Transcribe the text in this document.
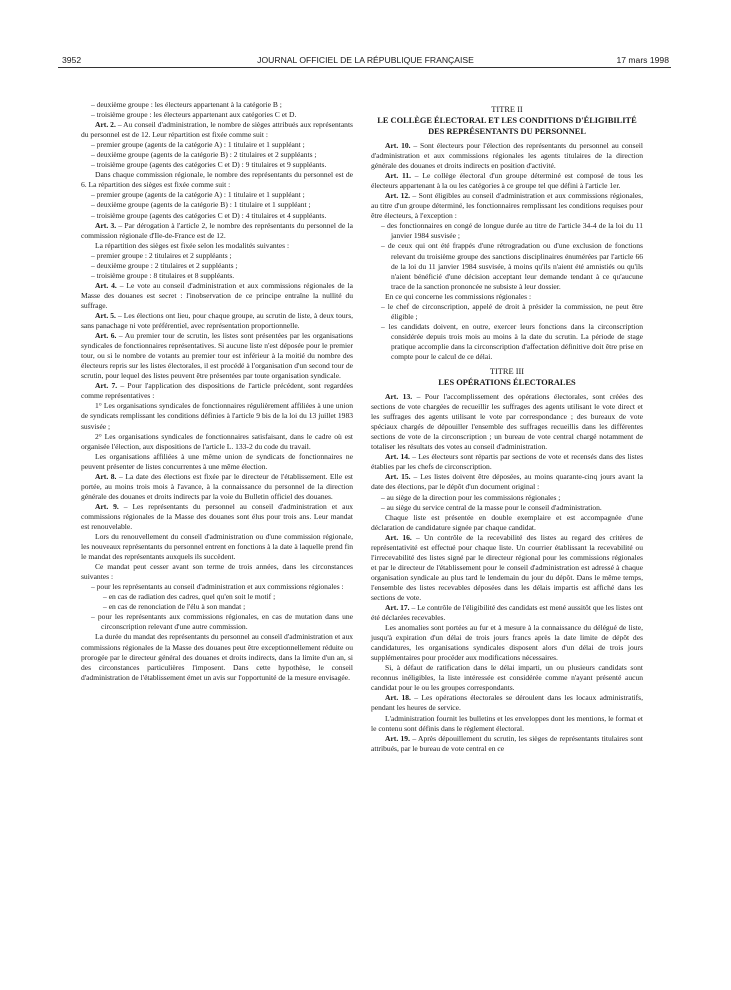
3952	JOURNAL OFFICIEL DE LA RÉPUBLIQUE FRANÇAISE	17 mars 1998

– deuxième groupe : les électeurs appartenant à la catégorie B ;

– troisième groupe : les électeurs appartenant aux catégories C et D.

Art. 2. – Au conseil d'administration, le nombre de sièges attribués aux représentants du personnel est de 12. Leur répartition est fixée comme suit :

– premier groupe (agents de la catégorie A) : 1 titulaire et 1 suppléant ;

– deuxième groupe (agents de la catégorie B) : 2 titulaires et 2 suppléants ;

– troisième groupe (agents des catégories C et D) : 9 titulaires et 9 suppléants.

Dans chaque commission régionale, le nombre des représentants du personnel est de 6. La répartition des sièges est fixée comme suit :

– premier groupe (agents de la catégorie A) : 1 titulaire et 1 suppléant ;

– deuxième groupe (agents de la catégorie B) : 1 titulaire et 1 suppléant ;

– troisième groupe (agents des catégories C et D) : 4 titulaires et 4 suppléants.

Art. 3. – Par dérogation à l'article 2, le nombre des représentants du personnel de la commission régionale d'Ile-de-France est de 12.

La répartition des sièges est fixée selon les modalités suivantes :

– premier groupe : 2 titulaires et 2 suppléants ;

– deuxième groupe : 2 titulaires et 2 suppléants ;

– troisième groupe : 8 titulaires et 8 suppléants.

Art. 4. – Le vote au conseil d'administration et aux commissions régionales de la Masse des douanes est secret : l'inobservation de ce principe entraîne la nullité du suffrage.

Art. 5. – Les élections ont lieu, pour chaque groupe, au scrutin de liste, à deux tours, sans panachage ni vote préférentiel, avec représentation proportionnelle.

Art. 6. – Au premier tour de scrutin, les listes sont présentées par les organisations syndicales de fonctionnaires représentatives. Si aucune liste n'est déposée pour le premier tour, ou si le nombre de votants au premier tour est inférieur à la moitié du nombre des électeurs repris sur les listes électorales, il est procédé à l'organisation d'un second tour de scrutin, pour lequel des listes peuvent être présentées par toute organisation syndicale.

Art. 7. – Pour l'application des dispositions de l'article précédent, sont regardées comme représentatives :

1° Les organisations syndicales de fonctionnaires régulièrement affiliées à une union de syndicats remplissant les conditions définies à l'article 9 bis de la loi du 13 juillet 1983 susvisée ;

2° Les organisations syndicales de fonctionnaires satisfaisant, dans le cadre où est organisée l'élection, aux dispositions de l'article L. 133-2 du code du travail.

Les organisations affiliées à une même union de syndicats de fonctionnaires ne peuvent présenter de listes concurrentes à une même élection.

Art. 8. – La date des élections est fixée par le directeur de l'établissement. Elle est portée, au moins trois mois à l'avance, à la connaissance du personnel de la direction générale des douanes et droits indirects par la voie du Bulletin officiel des douanes.

Art. 9. – Les représentants du personnel au conseil d'administration et aux commissions régionales de la Masse des douanes sont élus pour trois ans. Leur mandat est renouvelable.

Lors du renouvellement du conseil d'administration ou d'une commission régionale, les nouveaux représentants du personnel entrent en fonctions à la date à laquelle prend fin le mandat des représentants auxquels ils succèdent.

Ce mandat peut cesser avant son terme de trois années, dans les circonstances suivantes :

– pour les représentants au conseil d'administration et aux commissions régionales :

– en cas de radiation des cadres, quel qu'en soit le motif ;

– en cas de renonciation de l'élu à son mandat ;

– pour les représentants aux commissions régionales, en cas de mutation dans une circonscription relevant d'une autre commission.

La durée du mandat des représentants du personnel au conseil d'administration et aux commissions régionales de la Masse des douanes peut être exceptionnellement réduite ou prorogée par le directeur général des douanes et droits indirects, dans la limite d'un an, si des circonstances particulières l'imposent. Dans cette hypothèse, le conseil d'administration de l'établissement émet un avis sur l'opportunité de la mesure envisagée.

TITRE II

LE COLLÈGE ÉLECTORAL ET LES CONDITIONS D'ÉLIGIBILITÉ DES REPRÉSENTANTS DU PERSONNEL

Art. 10. – Sont électeurs pour l'élection des représentants du personnel au conseil d'administration et aux commissions régionales les agents titulaires de la direction générale des douanes et droits indirects en position d'activité.

Art. 11. – Le collège électoral d'un groupe déterminé est composé de tous les électeurs appartenant à la ou les catégories à ce groupe tel que défini à l'article 1er.

Art. 12. – Sont éligibles au conseil d'administration et aux commissions régionales, au titre d'un groupe déterminé, les fonctionnaires remplissant les conditions requises pour être électeurs, à l'exception :

– des fonctionnaires en congé de longue durée au titre de l'article 34-4 de la loi du 11 janvier 1984 susvisée ;

– de ceux qui ont été frappés d'une rétrogradation ou d'une exclusion de fonctions relevant du troisième groupe des sanctions disciplinaires énumérées par l'article 66 de la loi du 11 janvier 1984 susvisée, à moins qu'ils n'aient été amnistiés ou qu'ils n'aient bénéficié d'une décision acceptant leur demande tendant à ce qu'aucune trace de la sanction prononcée ne subsiste à leur dossier.

En ce qui concerne les commissions régionales :

– le chef de circonscription, appelé de droit à présider la commission, ne peut être éligible ;

– les candidats doivent, en outre, exercer leurs fonctions dans la circonscription considérée depuis trois mois au moins à la date du scrutin. La période de stage pratique accomplie dans la circonscription d'affectation définitive doit être prise en compte pour le calcul de ce délai.

TITRE III

LES OPÉRATIONS ÉLECTORALES

Art. 13. – Pour l'accomplissement des opérations électorales, sont créées des sections de vote chargées de recueillir les suffrages des agents utilisant le vote direct et les suffrages des agents utilisant le vote par correspondance ; des bureaux de vote spéciaux chargés de dépouiller l'ensemble des suffrages recueillis dans les différentes sections de vote de la circonscription ; un bureau de vote central chargé notamment de totaliser les résultats des votes au conseil d'administration.

Art. 14. – Les électeurs sont répartis par sections de vote et recensés dans des listes établies par les chefs de circonscription.

Art. 15. – Les listes doivent être déposées, au moins quarante-cinq jours avant la date des élections, par le dépôt d'un document original :

– au siège de la direction pour les commissions régionales ;

– au siège du service central de la masse pour le conseil d'administration.

Chaque liste est présentée en double exemplaire et est accompagnée d'une déclaration de candidature signée par chaque candidat.

Art. 16. – Un contrôle de la recevabilité des listes au regard des critères de représentativité est effectué pour chaque liste. Un courrier établissant la recevabilité ou l'irrecevabilité des listes signé par le directeur régional pour les commissions régionales et par le directeur de l'établissement pour le conseil d'administration est adressé à chaque organisation syndicale au plus tard le lendemain du jour du dépôt. Dans le même temps, l'ensemble des listes recevables déposées dans les délais impartis est affiché dans les sections de vote.

Art. 17. – Le contrôle de l'éligibilité des candidats est mené aussitôt que les listes ont été déclarées recevables.

Les anomalies sont portées au fur et à mesure à la connaissance du délégué de liste, jusqu'à expiration d'un délai de trois jours francs après la date limite de dépôt des candidatures, les organisations syndicales disposent alors d'un délai de trois jours supplémentaires pour procéder aux modifications nécessaires.

Si, à défaut de ratification dans le délai imparti, un ou plusieurs candidats sont reconnus inéligibles, la liste intéressée est considérée comme n'ayant présenté aucun candidat pour le ou les groupes correspondants.

Art. 18. – Les opérations électorales se déroulent dans les locaux administratifs, pendant les heures de service.

L'administration fournit les bulletins et les enveloppes dont les mentions, le format et le contenu sont définis dans le règlement électoral.

Art. 19. – Après dépouillement du scrutin, les sièges de représentants titulaires sont attribués, par le bureau de vote central en ce
